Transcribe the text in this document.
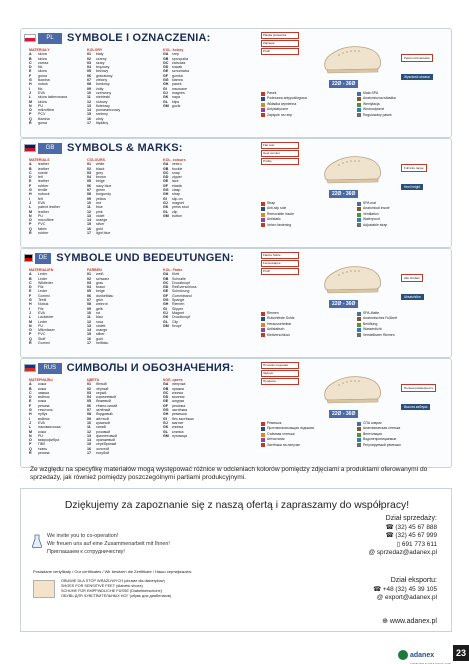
PL	SYMBOLE I OZNACZENIA:
MATERIAŁY
A	skóra
B	skóra
C	zamsz
D	filc
E	skóra
F	guma
G	tkanina
H	nubuk
I	filc
J	EVA
L	skóra lakierowana
M	skóra
N	PU
O	mikrofibra
P	PCV
Q	tkanina
R	guma
KOLORY
01	biały
02	czarny
03	szary
04	brązowy
05	beżowy
06	granatowy
07	zielony
08	bordowy
09	żółty
10	czerwony
11	niebieski
12	różowy
13	fioletowy
14	pomarańczowy
15	srebrny
16	złoty
17	błękitny
KOL. kolory
GA	rzep
GB	sprzączka
GC	zatrzask
GD	suwak
GE	sznurówka
GF	gumka
GG klamra
GH	pasek
GI	wsuwane
GJ	magnes
GK	napa
GL	klips
GM guzik
Płaska podeszwa
Zapiętek
Profil
22Ø - 36Ø
Wysokość obcasa
Pełna rozmiarówka
Pasek	Mata SPA
Podeszwa antypoślizgowa	Anatomiczna wkładka
Wkładka wymienna	Wentylacja
Antystatyczne	Wodoodporne
Zapięcie na rzep	Regulowany pasek
GB	SYMBOLS & MARKS:
MATERIALS
A	leather
B	leather
C	suede
D	felt
E	leather
F	rubber
G	textile
H	nubuck
I	felt
J	EVA
L	patent leather
M	leather
N	PU
O	microfibre
P	PVC
Q	fabric
R	rubber
COLOURS
01	white
02	black
03	grey
04	brown
05	beige
06	navy blue
07	green
08	burgundy
09	yellow
10	red
11	blue
12	pink
13	violet
14	orange
15	silver
16	gold
17	light blue
KOL. colours
GA	velcro
GB	buckle
GC	snap
GD	zipper
GE	lace
GF	elastic
GG clasp
GH	strap
GI	slip-on
GJ	magnet
GK	press stud
GL	clip
GM button
Flat sole
Heel counter
Profile
22Ø - 36Ø
Heel height
Full size range
Strap	SPA mat
Anti-slip sole	Anatomical insole
Removable insole	Ventilation
Antistatic	Waterproof
Velcro fastening	Adjustable strap
DE SYMBOLE UND BEDEUTUNGEN:
MATERIALIEN
A	Leder
B	Leder
C	Wildleder
D	Filz
E	Leder
F	Gummi
G	Textil
H	Nubuk
I	Filz
J	EVA
L	Lackleder
M	Leder
N	PU
O	Mikrofaser
P	PVC
Q	Stoff
R	Gummi
FARBEN
01	weiß
02	schwarz
03	grau
04	braun
05	beige
06	dunkelblau
07	grün
08	weinrot
09	gelb
10	rot
11	blau
12	rosa
13	violett
14	orange
15	silber
16	gold
17	hellblau
KOL. Farbe
GA	Klett
GB	Schnalle
GC	Druckknopf
GD	Reißverschluss
GE	Schnürung
GF	Gummiband
GG Spange
GH	Riemen
GI	Slipper
GJ	Magnet
GK	Druckknopf
GL	Clip
GM Knopf
Flache Sohle
Fersenkappe
Profil
22Ø - 36Ø
Absatzhöhe
Alle Größen
Riemen	SPA-Matte
Rutschfeste Sohle	Anatomisches Fußbett
Herausnehmbar	Belüftung
Antistatisch	Wasserdicht
Klettverschluss	Verstellbarer Riemen
RUS СИМВОЛЫ И ОБОЗНАЧЕНИЯ:
МАТЕРИАЛЫ
A	кожа
B	кожа
C	замша
D	войлок
E	кожа
F	резина
G	текстиль
H	нубук
I	войлок
J	EVA
L	лаковая кожа
M	кожа
N	PU
O	микрофибра
P	ПВХ
Q	ткань
R	резина
ЦВЕТА
01	белый
02	чёрный
03	серый
04	коричневый
05	бежевый
06	тёмно-синий
07	зелёный
08	бордовый
09	жёлтый
10	красный
11	синий
12	розовый
13	фиолетовый
14	оранжевый
15	серебряный
16	золотой
17	голубой
КОЛ. цвета
GA	липучка
GB	пряжка
GC	кнопка
GD	молния
GE	шнурки
GF	резинка
GG застёжка
GH	ремешок
GI	без застёжки
GJ	магнит
GK	кнопка
GL	клипса
GM пуговица
Плоская подошва
Задник
Профиль
22Ø - 36Ø
Высота каблука
Полная размерность
Ремешок	СПА коврик
Противоскользящая подошва	Анатомическая стелька
Съёмная стелька	Вентиляция
Антистатик	Водонепроницаемые
Застёжка на липучке	Регулируемый ремешок
Ze względu na specyfikę materiałów mogą występować różnice w odcieniach kolorów pomiędzy zdjęciami a produktami oferowanymi do sprzedaży, jak również pomiędzy poszczególnymi partiami produkcyjnymi.
Dziękujemy za zapoznanie się z naszą ofertą i zapraszamy do współpracy!
We invite you to co-operation!
Wir freuen uns auf eine Zusammenarbeit mit Ihnen!
Приглашаем к сотрудничеству!
Posiadane certyfikaty / Our certificates / Wir besitzen die Zertifikate / Наши сертификаты
OBUWIE DLA STÓP WRAŻLIWYCH (obuwie dla diabetyków)
SHOES FOR SENSITIVE FEET (diabetic shoes)
SCHUHE FÜR EMPFINDLICHE FÜSSE (Diabetikerschuhe)
ОБУВЬ ДЛЯ ЧУВСТВИТЕЛЬНЫХ НОГ (обувь для диабетиков)
Dział sprzedaży:
☎ (32) 45 67 888
☎ (32) 45 67 999
▯ 691 773 611
@ sprzedaz@adanex.pl
Dział eksportu:
☎ +48 (32) 45 39 105
@ export@adanex.pl
⊕ www.adanex.pl
adanex
COMFORT SHOES SINCE 1990
23
